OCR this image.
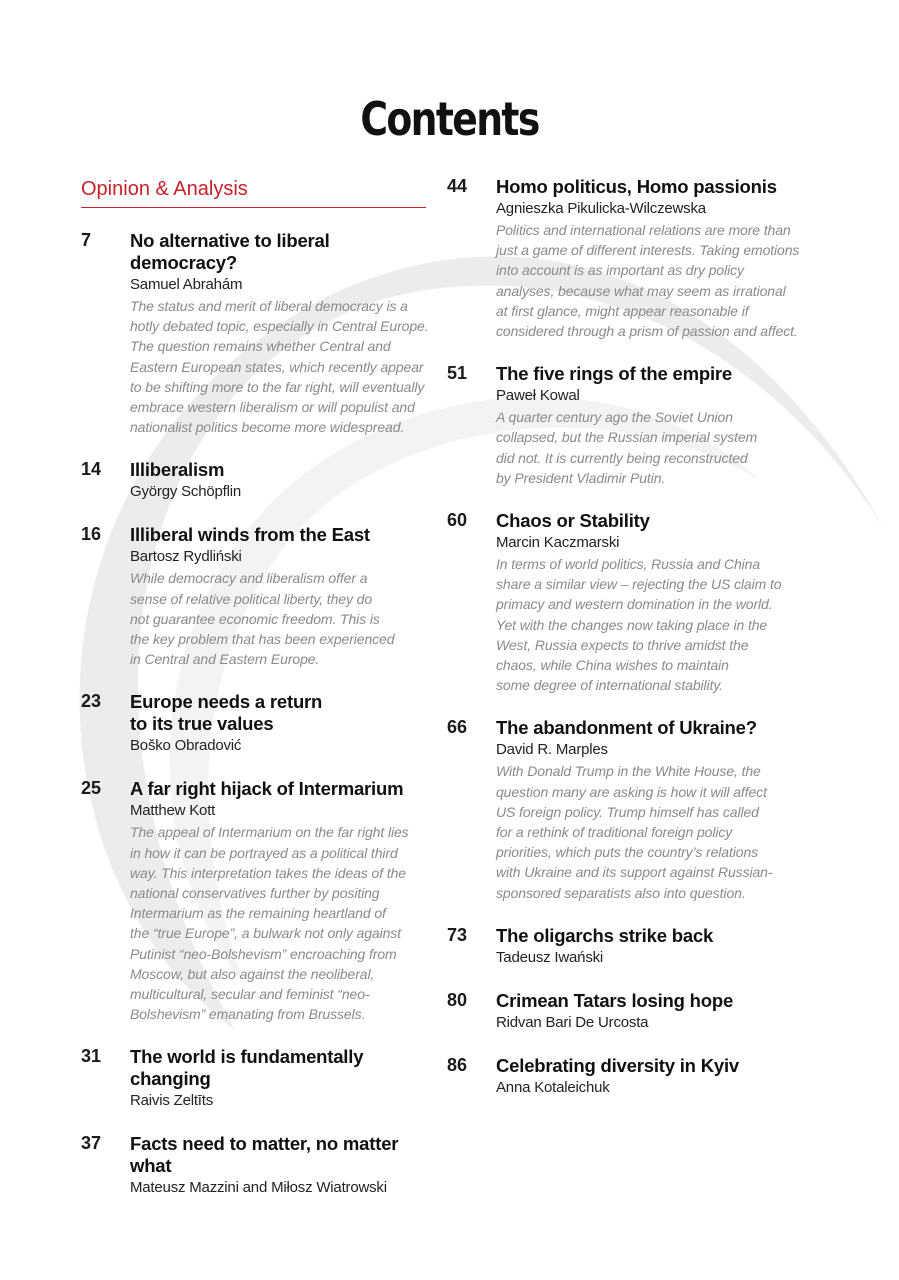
Contents
Opinion & Analysis
7	No alternative to liberal democracy?
Samuel Abrahám
The status and merit of liberal democracy is a
hotly debated topic, especially in Central Europe.
The question remains whether Central and
Eastern European states, which recently appear
to be shifting more to the far right, will eventually
embrace western liberalism or will populist and
nationalist politics become more widespread.
14	Illiberalism
György Schöpflin
16	Illiberal winds from the East
Bartosz Rydliński
While democracy and liberalism offer a
sense of relative political liberty, they do
not guarantee economic freedom. This is
the key problem that has been experienced
in Central and Eastern Europe.
23	Europe needs a return
to its true values
Boško Obradović
25	A far right hijack of Intermarium
Matthew Kott
The appeal of Intermarium on the far right lies
in how it can be portrayed as a political third
way. This interpretation takes the ideas of the
national conservatives further by positing
Intermarium as the remaining heartland of
the “true Europe”, a bulwark not only against
Putinist “neo-Bolshevism” encroaching from
Moscow, but also against the neoliberal,
multicultural, secular and feminist “neo-
Bolshevism” emanating from Brussels.
31	The world is fundamentally changing
Raivis Zeltīts
37	Facts need to matter, no matter what
Mateusz Mazzini and Miłosz Wiatrowski
44	Homo politicus, Homo passionis
Agnieszka Pikulicka-Wilczewska
Politics and international relations are more than
just a game of different interests. Taking emotions
into account is as important as dry policy
analyses, because what may seem as irrational
at first glance, might appear reasonable if
considered through a prism of passion and affect.
51	The five rings of the empire
Paweł Kowal
A quarter century ago the Soviet Union
collapsed, but the Russian imperial system
did not. It is currently being reconstructed
by President Vladimir Putin.
60	Chaos or Stability
Marcin Kaczmarski
In terms of world politics, Russia and China
share a similar view – rejecting the US claim to
primacy and western domination in the world.
Yet with the changes now taking place in the
West, Russia expects to thrive amidst the
chaos, while China wishes to maintain
some degree of international stability.
66	The abandonment of Ukraine?
David R. Marples
With Donald Trump in the White House, the
question many are asking is how it will affect
US foreign policy. Trump himself has called
for a rethink of traditional foreign policy
priorities, which puts the country’s relations
with Ukraine and its support against Russian-
sponsored separatists also into question.
73	The oligarchs strike back
Tadeusz Iwański
80	Crimean Tatars losing hope
Ridvan Bari De Urcosta
86	Celebrating diversity in Kyiv
Anna Kotaleichuk
